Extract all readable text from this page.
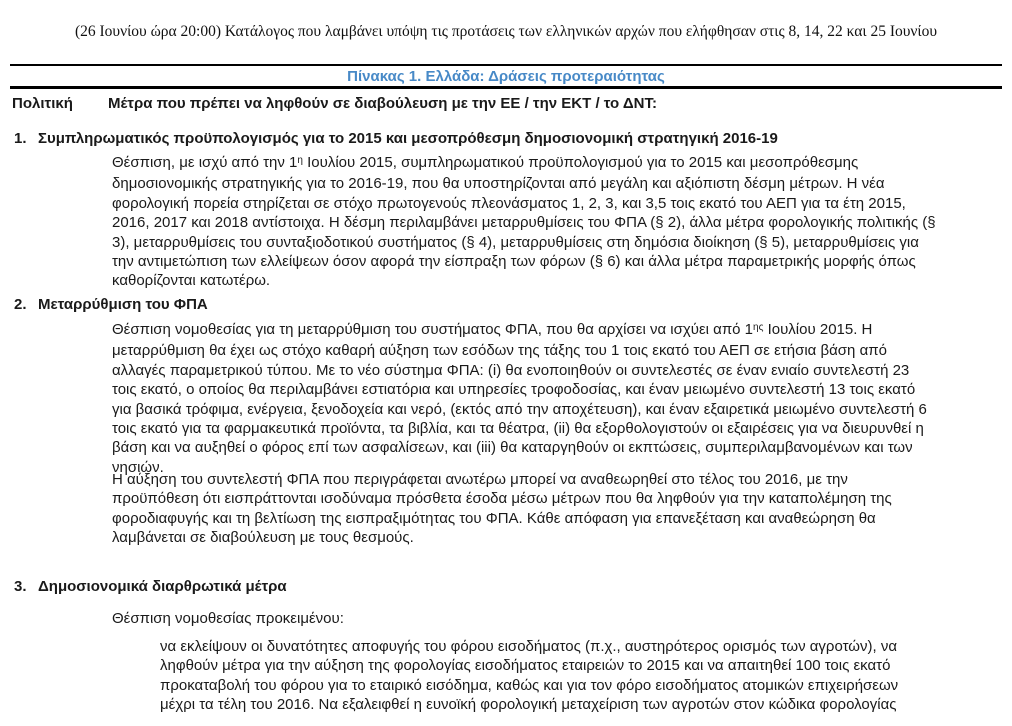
(26 Ιουνίου ώρα 20:00) Κατάλογος που λαμβάνει υπόψη τις προτάσεις των ελληνικών αρχών που ελήφθησαν στις 8, 14, 22 και 25 Ιουνίου
Πίνακας 1. Ελλάδα: Δράσεις προτεραιότητας
Πολιτική	Μέτρα που πρέπει να ληφθούν σε διαβούλευση με την ΕΕ / την ΕΚΤ / το ΔΝΤ:
1. Συμπληρωματικός προϋπολογισμός για το 2015 και μεσοπρόθεσμη δημοσιονομική στρατηγική 2016-19
Θέσπιση, με ισχύ από την $1^\eta$ Ιουλίου 2015, συμπληρωματικού προϋπολογισμού για το 2015 και μεσοπρόθεσμης δημοσιονομικής στρατηγικής για το 2016-19, που θα υποστηρίζονται από μεγάλη και αξιόπιστη δέσμη μέτρων. Η νέα φορολογική πορεία στηρίζεται σε στόχο πρωτογενούς πλεονάσματος 1, 2, 3, και 3,5 τοις εκατό του ΑΕΠ για τα έτη 2015, 2016, 2017 και 2018 αντίστοιχα. Η δέσμη περιλαμβάνει μεταρρυθμίσεις του ΦΠΑ (§ 2), άλλα μέτρα φορολογικής πολιτικής (§ 3), μεταρρυθμίσεις του συνταξιοδοτικού συστήματος (§ 4), μεταρρυθμίσεις στη δημόσια διοίκηση (§ 5), μεταρρυθμίσεις για την αντιμετώπιση των ελλείψεων όσον αφορά την είσπραξη των φόρων (§ 6) και άλλα μέτρα παραμετρικής μορφής όπως καθορίζονται κατωτέρω.
2. Μεταρρύθμιση του ΦΠΑ
Θέσπιση νομοθεσίας για τη μεταρρύθμιση του συστήματος ΦΠΑ, που θα αρχίσει να ισχύει από $1^{\eta\varsigma}$ Ιουλίου 2015. Η μεταρρύθμιση θα έχει ως στόχο καθαρή αύξηση των εσόδων της τάξης του 1 τοις εκατό του ΑΕΠ σε ετήσια βάση από αλλαγές παραμετρικού τύπου. Με το νέο σύστημα ΦΠΑ: (i) θα ενοποιηθούν οι συντελεστές σε έναν ενιαίο συντελεστή 23 τοις εκατό, ο οποίος θα περιλαμβάνει εστιατόρια και υπηρεσίες τροφοδοσίας, και έναν μειωμένο συντελεστή 13 τοις εκατό για βασικά τρόφιμα, ενέργεια, ξενοδοχεία και νερό, (εκτός από την αποχέτευση), και έναν εξαιρετικά μειωμένο συντελεστή 6 τοις εκατό για τα φαρμακευτικά προϊόντα, τα βιβλία, και τα θέατρα, (ii) θα εξορθολογιστούν οι εξαιρέσεις για να διευρυνθεί η βάση και να αυξηθεί ο φόρος επί των ασφαλίσεων, και (iii) θα καταργηθούν οι εκπτώσεις, συμπεριλαμβανομένων και των νησιών.
Η αύξηση του συντελεστή ΦΠΑ που περιγράφεται ανωτέρω μπορεί να αναθεωρηθεί στο τέλος του 2016, με την προϋπόθεση ότι εισπράττονται ισοδύναμα πρόσθετα έσοδα μέσω μέτρων που θα ληφθούν για την καταπολέμηση της φοροδιαφυγής και τη βελτίωση της εισπραξιμότητας του ΦΠΑ. Κάθε απόφαση για επανεξέταση και αναθεώρηση θα λαμβάνεται σε διαβούλευση με τους θεσμούς.
3. Δημοσιονομικά διαρθρωτικά μέτρα
Θέσπιση νομοθεσίας προκειμένου:
να εκλείψουν οι δυνατότητες αποφυγής του φόρου εισοδήματος (π.χ., αυστηρότερος ορισμός των αγροτών), να ληφθούν μέτρα για την αύξηση της φορολογίας εισοδήματος εταιρειών το 2015 και να απαιτηθεί 100 τοις εκατό προκαταβολή του φόρου για το εταιρικό εισόδημα, καθώς και για τον φόρο εισοδήματος ατομικών επιχειρήσεων μέχρι τα τέλη του 2016. Να εξαλειφθεί η ευνοϊκή φορολογική μεταχείριση των αγροτών στον κώδικα φορολογίας
